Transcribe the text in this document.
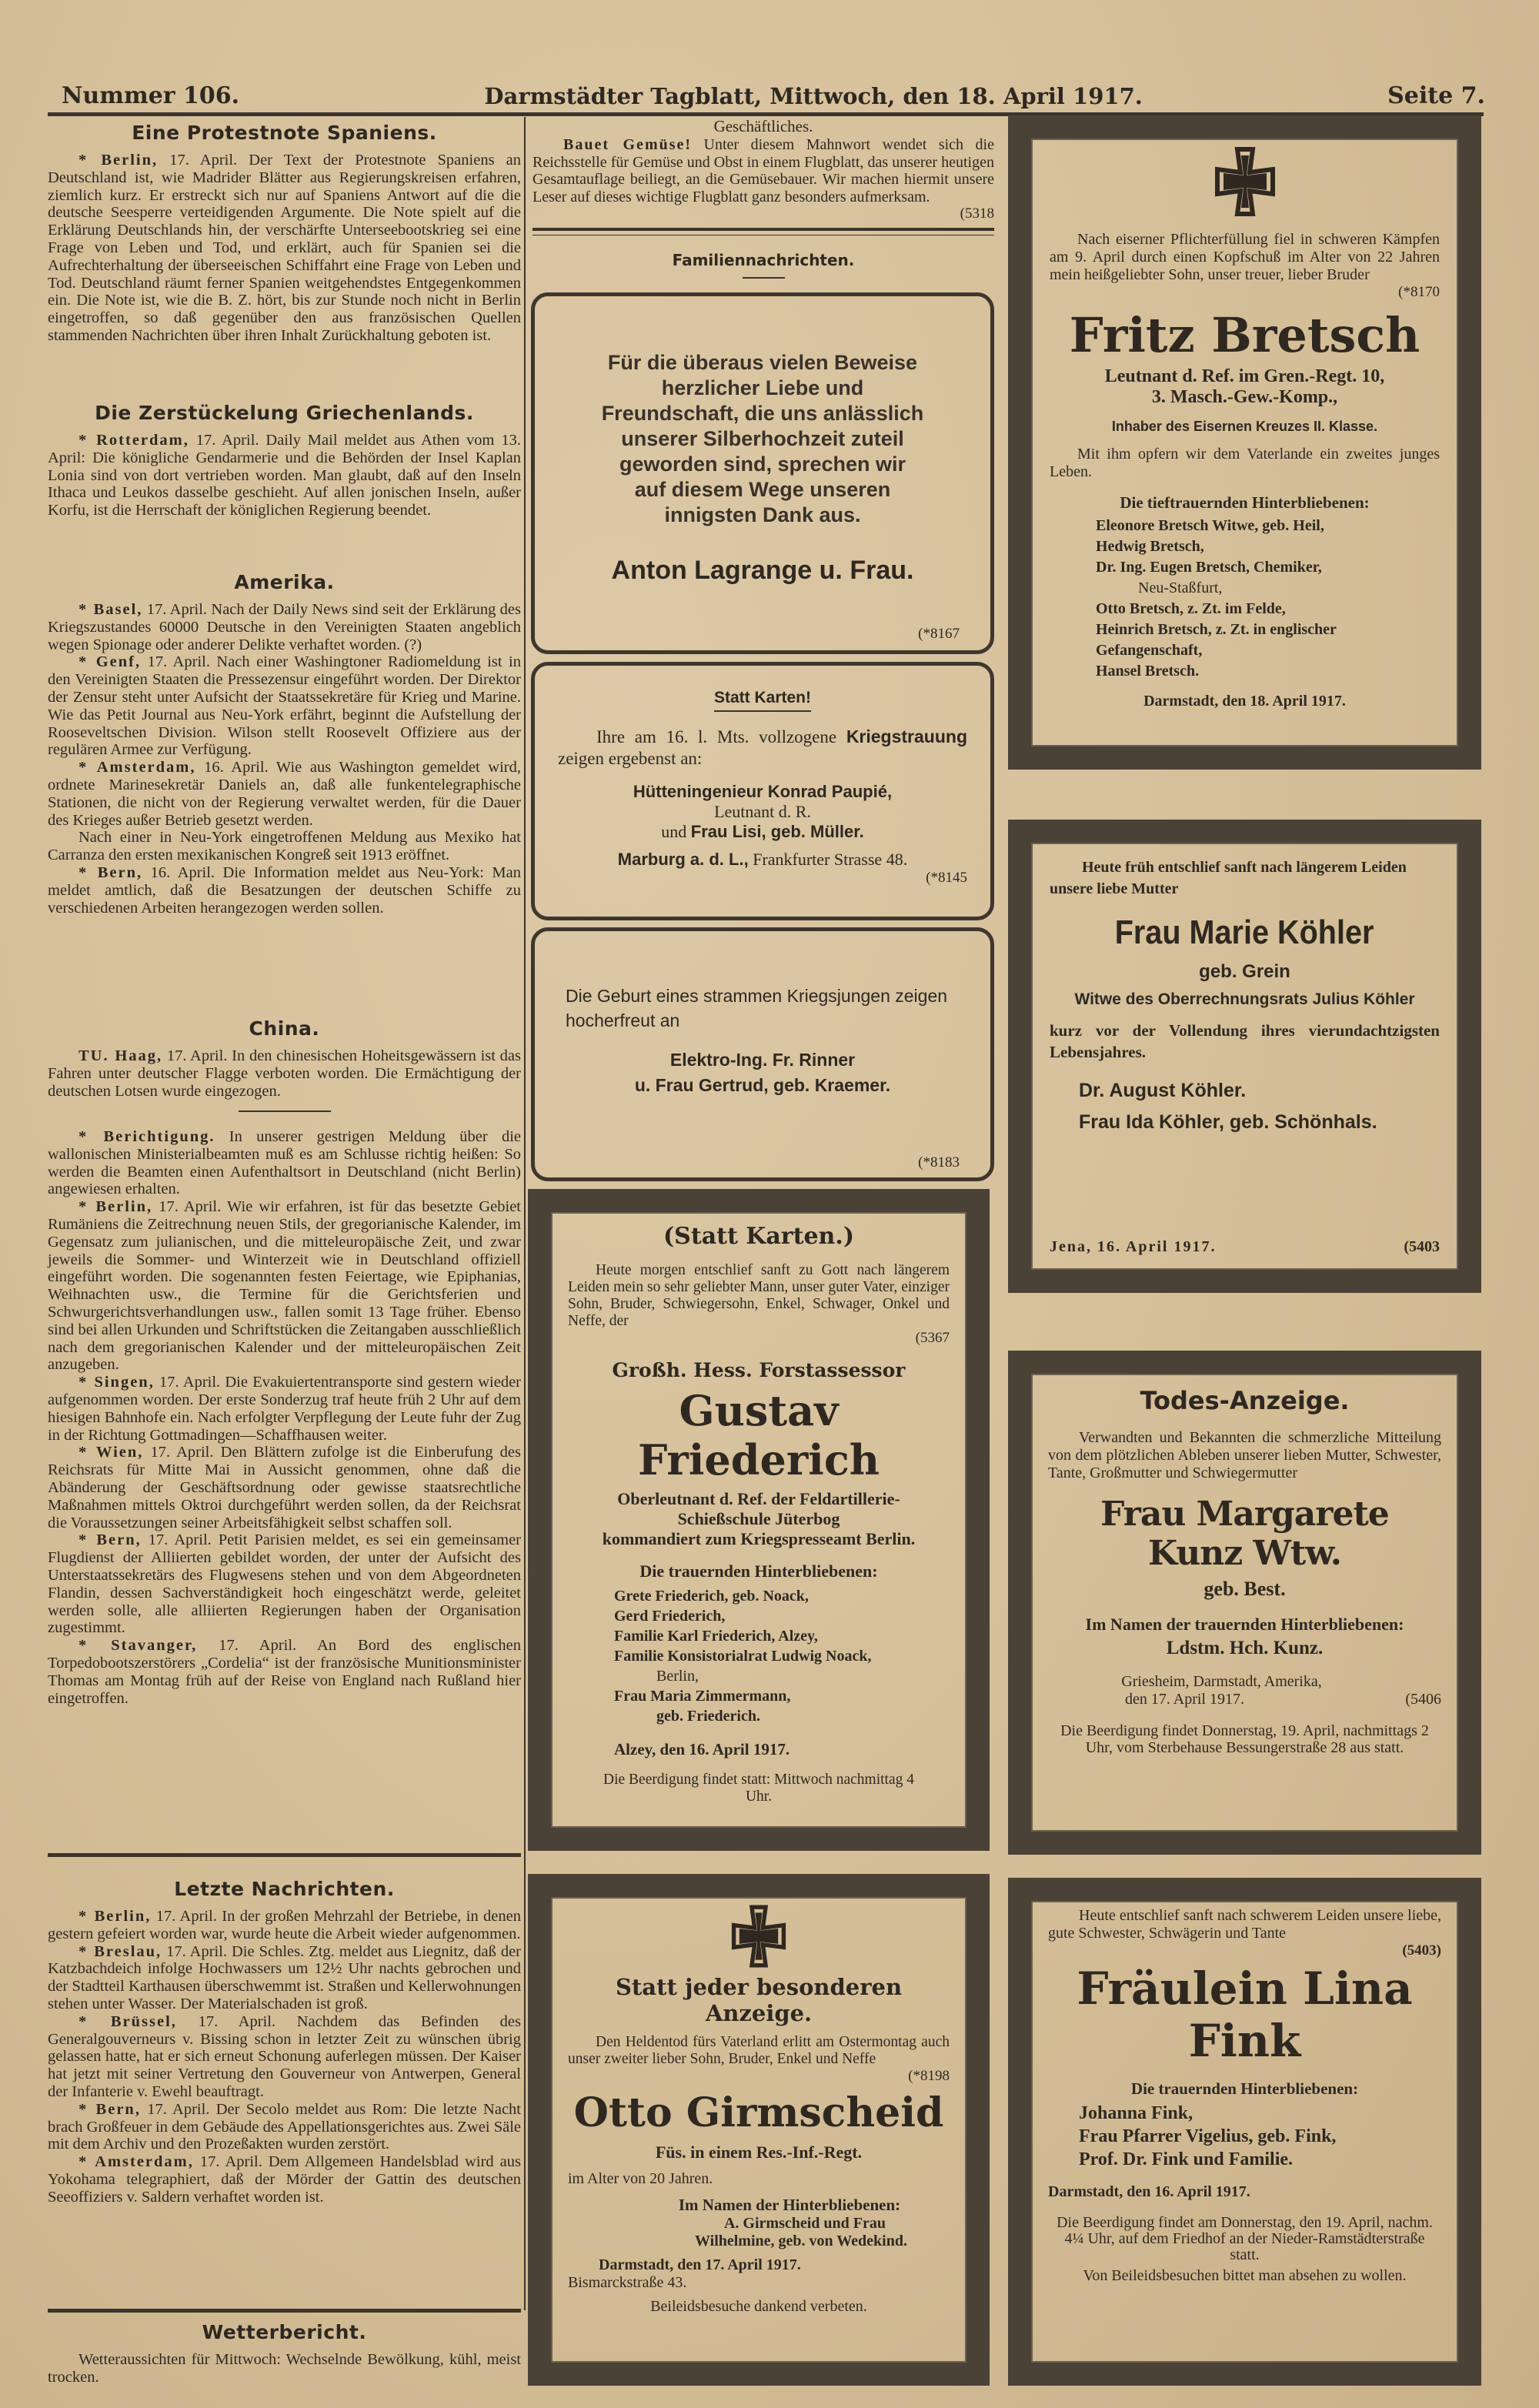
Nummer 106.	Darmstädter Tagblatt, Mittwoch, den 18. April 1917.	Seite 7.
Eine Protestnote Spaniens.

* Berlin, 17. April. Der Text der Protestnote Spaniens an Deutschland ist, wie Madrider Blätter aus Regierungskreisen erfahren, ziemlich kurz. Er erstreckt sich nur auf Spaniens Antwort auf die die deutsche Seesperre verteidigenden Argumente. Die Note spielt auf die Erklärung Deutschlands hin, der verschärfte Unterseebootskrieg sei eine Frage von Leben und Tod, und erklärt, auch für Spanien sei die Aufrechterhaltung der überseeischen Schiffahrt eine Frage von Leben und Tod. Deutschland räumt ferner Spanien weitgehendstes Entgegenkommen ein. Die Note ist, wie die B. Z. hört, bis zur Stunde noch nicht in Berlin eingetroffen, so daß gegenüber den aus französischen Quellen stammenden Nachrichten über ihren Inhalt Zurückhaltung geboten ist.

Die Zerstückelung Griechenlands.

* Rotterdam, 17. April. Daily Mail meldet aus Athen vom 13. April: Die königliche Gendarmerie und die Behörden der Insel Kaplan Lonia sind von dort vertrieben worden. Man glaubt, daß auf den Inseln Ithaca und Leukos dasselbe geschieht. Auf allen jonischen Inseln, außer Korfu, ist die Herrschaft der königlichen Regierung beendet.

Amerika.

* Basel, 17. April. Nach der Daily News sind seit der Erklärung des Kriegszustandes 60000 Deutsche in den Vereinigten Staaten angeblich wegen Spionage oder anderer Delikte verhaftet worden. (?)

* Genf, 17. April. Nach einer Washingtoner Radiomeldung ist in den Vereinigten Staaten die Pressezensur eingeführt worden. Der Direktor der Zensur steht unter Aufsicht der Staatssekretäre für Krieg und Marine. Wie das Petit Journal aus Neu-York erfährt, beginnt die Aufstellung der Rooseveltschen Division. Wilson stellt Roosevelt Offiziere aus der regulären Armee zur Verfügung.

* Amsterdam, 16. April. Wie aus Washington gemeldet wird, ordnete Marinesekretär Daniels an, daß alle funkentelegraphische Stationen, die nicht von der Regierung verwaltet werden, für die Dauer des Krieges außer Betrieb gesetzt werden.

Nach einer in Neu-York eingetroffenen Meldung aus Mexiko hat Carranza den ersten mexikanischen Kongreß seit 1913 eröffnet.

* Bern, 16. April. Die Information meldet aus Neu-York: Man meldet amtlich, daß die Besatzungen der deutschen Schiffe zu verschiedenen Arbeiten herangezogen werden sollen.

China.

TU. Haag, 17. April. In den chinesischen Hoheitsgewässern ist das Fahren unter deutscher Flagge verboten worden. Die Ermächtigung der deutschen Lotsen wurde eingezogen.

* Berichtigung. In unserer gestrigen Meldung über die wallonischen Ministerialbeamten muß es am Schlusse richtig heißen: So werden die Beamten einen Aufenthaltsort in Deutschland (nicht Berlin) angewiesen erhalten.

* Berlin, 17. April. Wie wir erfahren, ist für das besetzte Gebiet Rumäniens die Zeitrechnung neuen Stils, der gregorianische Kalender, im Gegensatz zum julianischen, und die mitteleuropäische Zeit, und zwar jeweils die Sommer- und Winterzeit wie in Deutschland offiziell eingeführt worden. Die sogenannten festen Feiertage, wie Epiphanias, Weihnachten usw., die Termine für die Gerichtsferien und Schwurgerichtsverhandlungen usw., fallen somit 13 Tage früher. Ebenso sind bei allen Urkunden und Schriftstücken die Zeitangaben ausschließlich nach dem gregorianischen Kalender und der mitteleuropäischen Zeit anzugeben.

* Singen, 17. April. Die Evakuiertentransporte sind gestern wieder aufgenommen worden. Der erste Sonderzug traf heute früh 2 Uhr auf dem hiesigen Bahnhofe ein. Nach erfolgter Verpflegung der Leute fuhr der Zug in der Richtung Gottmadingen—Schaffhausen weiter.

* Wien, 17. April. Den Blättern zufolge ist die Einberufung des Reichsrats für Mitte Mai in Aussicht genommen, ohne daß die Abänderung der Geschäftsordnung oder gewisse staatsrechtliche Maßnahmen mittels Oktroi durchgeführt werden sollen, da der Reichsrat die Voraussetzungen seiner Arbeitsfähigkeit selbst schaffen soll.

* Bern, 17. April. Petit Parisien meldet, es sei ein gemeinsamer Flugdienst der Alliierten gebildet worden, der unter der Aufsicht des Unterstaatssekretärs des Flugwesens stehen und von dem Abgeordneten Flandin, dessen Sachverständigkeit hoch eingeschätzt werde, geleitet werden solle, alle alliierten Regierungen haben der Organisation zugestimmt.

* Stavanger, 17. April. An Bord des englischen Torpedobootszerstörers „Cordelia“ ist der französische Munitionsminister Thomas am Montag früh auf der Reise von England nach Rußland hier eingetroffen.

Letzte Nachrichten.

* Berlin, 17. April. In der großen Mehrzahl der Betriebe, in denen gestern gefeiert worden war, wurde heute die Arbeit wieder aufgenommen.

* Breslau, 17. April. Die Schles. Ztg. meldet aus Liegnitz, daß der Katzbachdeich infolge Hochwassers um 12½ Uhr nachts gebrochen und der Stadtteil Karthausen überschwemmt ist. Straßen und Kellerwohnungen stehen unter Wasser. Der Materialschaden ist groß.

* Brüssel, 17. April. Nachdem das Befinden des Generalgouverneurs v. Bissing schon in letzter Zeit zu wünschen übrig gelassen hatte, hat er sich erneut Schonung auferlegen müssen. Der Kaiser hat jetzt mit seiner Vertretung den Gouverneur von Antwerpen, General der Infanterie v. Ewehl beauftragt.

* Bern, 17. April. Der Secolo meldet aus Rom: Die letzte Nacht brach Großfeuer in dem Gebäude des Appellationsgerichtes aus. Zwei Säle mit dem Archiv und den Prozeßakten wurden zerstört.

* Amsterdam, 17. April. Dem Allgemeen Handelsblad wird aus Yokohama telegraphiert, daß der Mörder der Gattin des deutschen Seeoffiziers v. Saldern verhaftet worden ist.

Wetterbericht.

Wetteraussichten für Mittwoch: Wechselnde Bewölkung, kühl, meist trocken.

Geschäftliches.

Bauet Gemüse! Unter diesem Mahnwort wendet sich die Reichsstelle für Gemüse und Obst in einem Flugblatt, das unserer heutigen Gesamtauflage beiliegt, an die Gemüsebauer. Wir machen hiermit unsere Leser auf dieses wichtige Flugblatt ganz besonders aufmerksam.

(5318
Familiennachrichten.

Für die überaus vielen Beweise herzlicher Liebe und Freundschaft, die uns anlässlich unserer Silberhochzeit zuteil geworden sind, sprechen wir auf diesem Wege unseren innigsten Dank aus.

Anton Lagrange u. Frau.
(*8167
Statt Karten!

Ihre am 16. l. Mts. vollzogene Kriegstrauung zeigen ergebenst an:

Hütteningenieur Konrad Paupié,
Leutnant d. R.
und Frau Lisi, geb. Müller.
Marburg a. d. L., Frankfurter Strasse 48.
(*8145

Die Geburt eines strammen Kriegsjungen zeigen hocherfreut an

Elektro-Ing. Fr. Rinner
u. Frau Gertrud, geb. Kraemer.
(*8183
(Statt Karten.)

Heute morgen entschlief sanft zu Gott nach längerem Leiden mein so sehr geliebter Mann, unser guter Vater, einziger Sohn, Bruder, Schwiegersohn, Enkel, Schwager, Onkel und Neffe, der

(5367
Großh. Hess. Forstassessor
Gustav Friederich
Oberleutnant d. Ref. der Feldartillerie-
Schießschule Jüterbog
kommandiert zum Kriegspresseamt Berlin.
Die trauernden Hinterbliebenen:
Grete Friederich, geb. Noack,
Gerd Friederich,
Familie Karl Friederich, Alzey,
Familie Konsistorialrat Ludwig Noack,
Berlin,
Frau Maria Zimmermann,
geb. Friederich.
Alzey, den 16. April 1917.

Die Beerdigung findet statt: Mittwoch nachmittag 4 Uhr.

Statt jeder besonderen Anzeige.

Den Heldentod fürs Vaterland erlitt am Ostermontag auch unser zweiter lieber Sohn, Bruder, Enkel und Neffe

(*8198
Otto Girmscheid
Füs. in einem Res.-Inf.-Regt.
im Alter von 20 Jahren.
Im Namen der Hinterbliebenen:
A. Girmscheid und Frau
Wilhelmine, geb. von Wedekind.
Darmstadt, den 17. April 1917.
Bismarckstraße 43.
Beileidsbesuche dankend verbeten.

Nach eiserner Pflichterfüllung fiel in schweren Kämpfen am 9. April durch einen Kopfschuß im Alter von 22 Jahren mein heißgeliebter Sohn, unser treuer, lieber Bruder

(*8170
Fritz Bretsch
Leutnant d. Ref. im Gren.-Regt. 10,
3. Masch.-Gew.-Komp.,
Inhaber des Eisernen Kreuzes II. Klasse.

Mit ihm opfern wir dem Vaterlande ein zweites junges Leben.

Die tieftrauernden Hinterbliebenen:
Eleonore Bretsch Witwe, geb. Heil,
Hedwig Bretsch,
Dr. Ing. Eugen Bretsch, Chemiker,
Neu-Staßfurt,
Otto Bretsch, z. Zt. im Felde,
Heinrich Bretsch, z. Zt. in englischer Gefangenschaft,
Hansel Bretsch.
Darmstadt, den 18. April 1917.

Heute früh entschlief sanft nach längerem Leiden unsere liebe Mutter

Frau Marie Köhler
geb. Grein
Witwe des Oberrechnungsrats Julius Köhler

kurz vor der Vollendung ihres vierundachtzigsten Lebensjahres.

Dr. August Köhler.
Frau Ida Köhler, geb. Schönhals.
Jena, 16. April 1917.	(5403
Todes-Anzeige.

Verwandten und Bekannten die schmerzliche Mitteilung von dem plötzlichen Ableben unserer lieben Mutter, Schwester, Tante, Großmutter und Schwiegermutter

Frau Margarete Kunz Wtw.
geb. Best.
Im Namen der trauernden Hinterbliebenen:
Ldstm. Hch. Kunz.
Griesheim, Darmstadt, Amerika,
den 17. April 1917.	(5406

Die Beerdigung findet Donnerstag, 19. April, nachmittags 2 Uhr, vom Sterbehause Bessungerstraße 28 aus statt.

Heute entschlief sanft nach schwerem Leiden unsere liebe, gute Schwester, Schwägerin und Tante

(5403)
Fräulein Lina Fink
Die trauernden Hinterbliebenen:
Johanna Fink,
Frau Pfarrer Vigelius, geb. Fink,
Prof. Dr. Fink und Familie.
Darmstadt, den 16. April 1917.

Die Beerdigung findet am Donnerstag, den 19. April, nachm. 4¼ Uhr, auf dem Friedhof an der Nieder-Ramstädterstraße statt.

Von Beileidsbesuchen bittet man absehen zu wollen.
